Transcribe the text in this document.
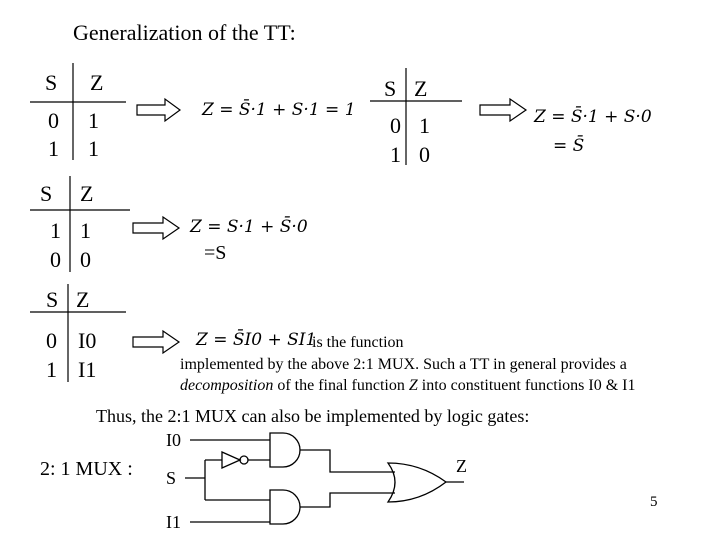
Generalization of the TT:
S Z
0 1
1 1
Z = S̄·1 + S·1 = 1
S Z
0 1
1 0
Z = S̄·1 + S·0
= S̄
S Z
1 1
0 0
Z = S·1 + S̄·0
=S
S Z
0 I0
1 I1
Z = S̄I0 + SI1
is the function
implemented by the above 2:1 MUX. Such a TT in general provides a
decomposition of the final function Z into constituent functions I0 & I1
Thus, the 2:1 MUX can also be implemented by logic gates:
2: 1 MUX :
I0
S
I1
Z
5
